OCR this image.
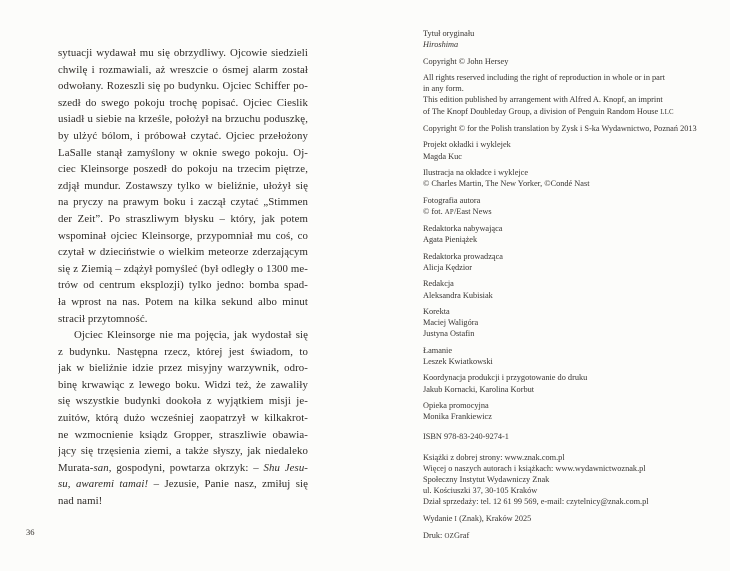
sytuacji wydawał mu się obrzydliwy. Ojcowie siedzieli
chwilę i rozmawiali, aż wreszcie o ósmej alarm został
odwołany. Rozeszli się po budynku. Ojciec Schiffer po-
szedł do swego pokoju trochę popisać. Ojciec Cieslik
usiadł u siebie na krześle, położył na brzuchu poduszkę,
by ulżyć bólom, i próbował czytać. Ojciec przełożony
LaSalle stanął zamyślony w oknie swego pokoju. Oj-
ciec Kleinsorge poszedł do pokoju na trzecim piętrze,
zdjął mundur. Zostawszy tylko w bieliźnie, ułożył się
na pryczy na prawym boku i zaczął czytać „Stimmen
der Zeit”. Po straszliwym błysku – który, jak potem
wspominał ojciec Kleinsorge, przypomniał mu coś, co
czytał w dzieciństwie o wielkim meteorze zderzającym
się z Ziemią – zdążył pomyśleć (był odległy o 1300 me-
trów od centrum eksplozji) tylko jedno: bomba spad-
ła wprost na nas. Potem na kilka sekund albo minut
stracił przytomność.
Ojciec Kleinsorge nie ma pojęcia, jak wydostał się
z budynku. Następna rzecz, której jest świadom, to
jak w bieliźnie idzie przez misyjny warzywnik, odro-
binę krwawiąc z lewego boku. Widzi też, że zawaliły
się wszystkie budynki dookoła z wyjątkiem misji je-
zuitów, którą dużo wcześniej zaopatrzył w kilkakrot-
ne wzmocnienie ksiądz Gropper, straszliwie obawia-
jący się trzęsienia ziemi, a także słyszy, jak niedaleko
Murata-san, gospodyni, powtarza okrzyk: – Shu Jesu-
su, awaremi tamai! – Jezusie, Panie nasz, zmiłuj się
nad nami!
36
Tytuł oryginału
Hiroshima
Copyright © John Hersey
All rights reserved including the right of reproduction in whole or in part
in any form.
This edition published by arrangement with Alfred A. Knopf, an imprint
of The Knopf Doubleday Group, a division of Penguin Random House LLC
Copyright © for the Polish translation by Zysk i S-ka Wydawnictwo, Poznań 2013
Projekt okładki i wyklejek
Magda Kuc
Ilustracja na okładce i wyklejce
© Charles Martin, The New Yorker, ©Condé Nast
Fotografia autora
© fot. AP/East News
Redaktorka nabywająca
Agata Pieniążek
Redaktorka prowadząca
Alicja Kędzior
Redakcja
Aleksandra Kubisiak
Korekta
Maciej Waligóra
Justyna Ostafin
Łamanie
Leszek Kwiatkowski
Koordynacja produkcji i przygotowanie do druku
Jakub Kornacki, Karolina Korbut
Opieka promocyjna
Monika Frankiewicz
ISBN 978-83-240-9274-1
Książki z dobrej strony: www.znak.com.pl
Więcej o naszych autorach i książkach: www.wydawnictwoznak.pl
Społeczny Instytut Wydawniczy Znak
ul. Kościuszki 37, 30-105 Kraków
Dział sprzedaży: tel. 12 61 99 569, e-mail: czytelnicy@znak.com.pl
Wydanie I (Znak), Kraków 2025
Druk: OZGraf
